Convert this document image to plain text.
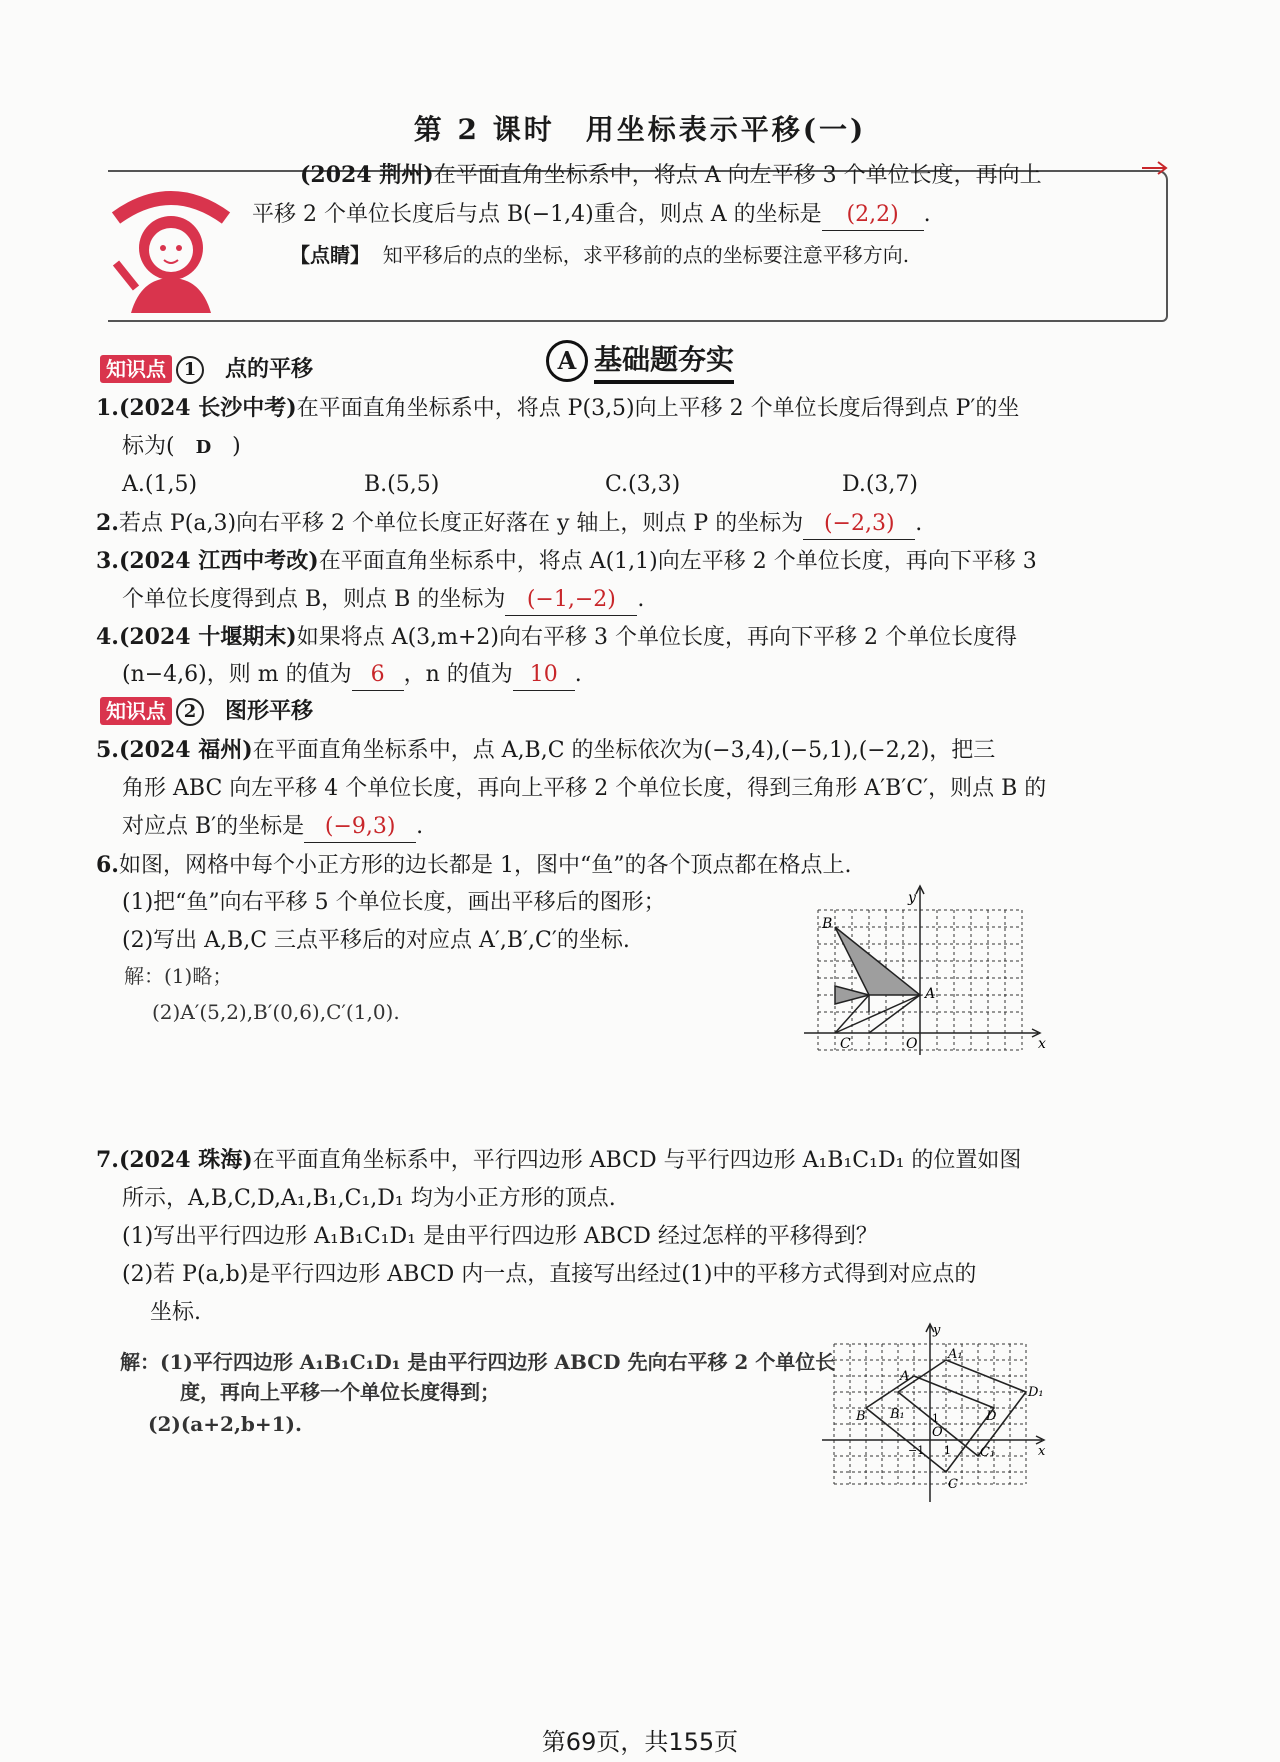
第 2 课时　用坐标表示平移(一)
(2024 荆州)在平面直角坐标系中，将点 A 向左平移 3 个单位长度，再向上
平移 2 个单位长度后与点 B(−1,4)重合，则点 A 的坐标是 (2,2) .
【点睛】 知平移后的点的坐标，求平移前的点的坐标要注意平移方向.
A 基础题夯实
知识点 1 点的平移
1.(2024 长沙中考)在平面直角坐标系中，将点 P(3,5)向上平移 2 个单位长度后得到点 P′的坐
标为( D )
A.(1,5)	B.(5,5)	C.(3,3)	D.(3,7)
2.若点 P(a,3)向右平移 2 个单位长度正好落在 y 轴上，则点 P 的坐标为 (−2,3) .
3.(2024 江西中考改)在平面直角坐标系中，将点 A(1,1)向左平移 2 个单位长度，再向下平移 3
个单位长度得到点 B，则点 B 的坐标为 (−1,−2) .
4.(2024 十堰期末)如果将点 A(3,m+2)向右平移 3 个单位长度，再向下平移 2 个单位长度得
(n−4,6)，则 m 的值为 6 ，n 的值为 10 .
知识点 2 图形平移
5.(2024 福州)在平面直角坐标系中，点 A,B,C 的坐标依次为(−3,4),(−5,1),(−2,2)，把三
角形 ABC 向左平移 4 个单位长度，再向上平移 2 个单位长度，得到三角形 A′B′C′，则点 B 的
对应点 B′的坐标是 (−9,3) .
6.如图，网格中每个小正方形的边长都是 1，图中“鱼”的各个顶点都在格点上.
(1)把“鱼”向右平移 5 个单位长度，画出平移后的图形；
(2)写出 A,B,C 三点平移后的对应点 A′,B′,C′的坐标.
解：(1)略；
(2)A′(5,2),B′(0,6),C′(1,0).
y
x
O
A
B
C
7.(2024 珠海)在平面直角坐标系中，平行四边形 ABCD 与平行四边形 A₁B₁C₁D₁ 的位置如图
所示，A,B,C,D,A₁,B₁,C₁,D₁ 均为小正方形的顶点.
(1)写出平行四边形 A₁B₁C₁D₁ 是由平行四边形 ABCD 经过怎样的平移得到？
(2)若 P(a,b)是平行四边形 ABCD 内一点，直接写出经过(1)中的平移方式得到对应点的
坐标.
解：(1)平行四边形 A₁B₁C₁D₁ 是由平行四边形 ABCD 先向右平移 2 个单位长
度，再向上平移一个单位长度得到；
(2)(a+2,b+1).
y
x
O
A
A₁
B B₁
C
C₁
D
D₁
1
−1 1
第69页，共155页
